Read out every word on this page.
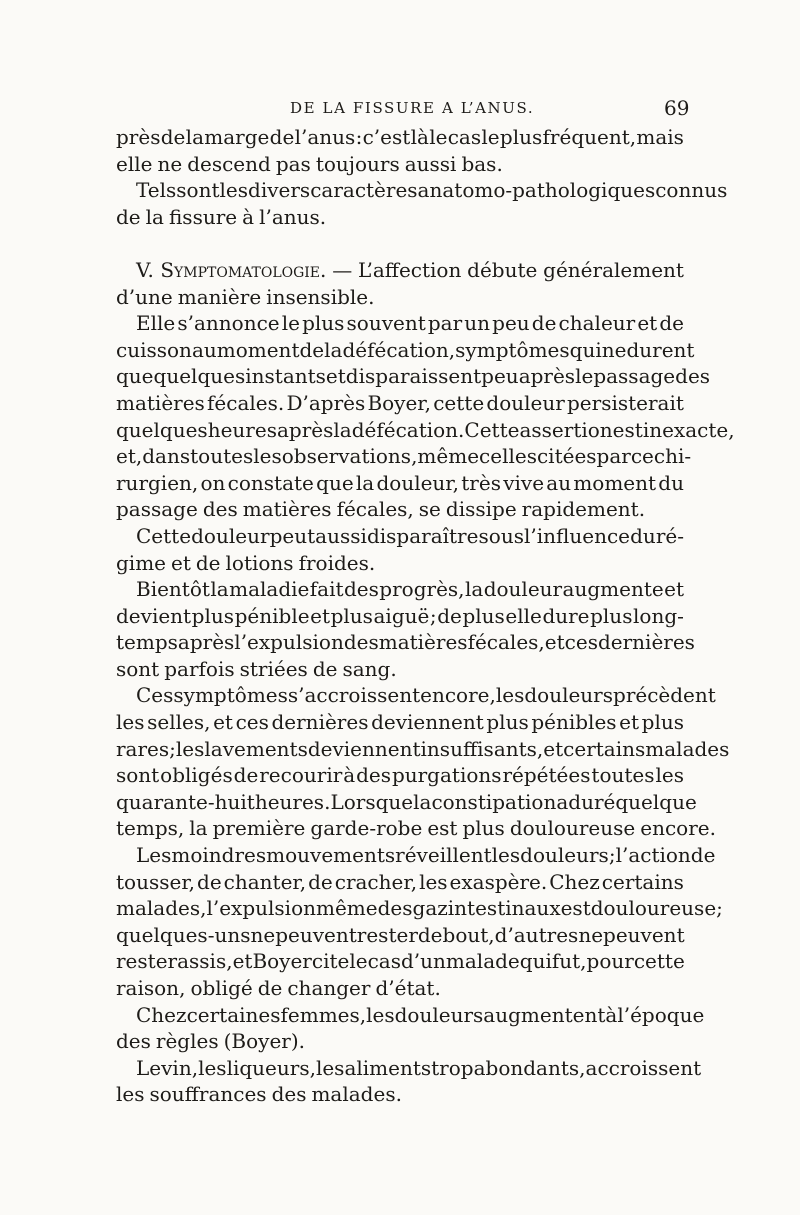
DE LA FISSURE A L’ANUS.	69
près de la marge de l’anus : c’est là le cas le plus fréquent, mais
elle ne descend pas toujours aussi bas.
Tels sont les divers caractères anatomo-pathologiques connus
de la fissure à l’anus.
V. Symptomatologie. — L’affection débute généralement
d’une manière insensible.
Elle s’annonce le plus souvent par un peu de chaleur et de
cuisson au moment de la défécation, symptômes qui ne durent
que quelques instants et disparaissent peu après le passage des
matières fécales. D’après Boyer, cette douleur persisterait
quelques heures après la défécation. Cette assertion est inexacte,
et, dans toutes les observations, même celles citées par ce chi-
rurgien, on constate que la douleur, très vive au moment du
passage des matières fécales, se dissipe rapidement.
Cette douleur peut aussi disparaître sous l’influence du ré-
gime et de lotions froides.
Bientôt la maladie fait des progrès, la douleur augmente et
devient plus pénible et plus aiguë ; de plus elle dure plus long-
temps après l’expulsion des matières fécales, et ces dernières
sont parfois striées de sang.
Ces symptômes s’accroissent encore, les douleurs précèdent
les selles, et ces dernières deviennent plus pénibles et plus
rares ; les lavements deviennent insuffisants, et certains malades
sont obligés de recourir à des purgations répétées toutes les
quarante-huit heures. Lorsque la constipation a duré quelque
temps, la première garde-robe est plus douloureuse encore.
Les moindres mouvements réveillent les douleurs ; l’action de
tousser, de chanter, de cracher, les exaspère. Chez certains
malades, l’expulsion même des gaz intestinaux est douloureuse ;
quelques-uns ne peuvent rester debout, d’autres ne peuvent
rester assis, et Boyer cite le cas d’un malade qui fut, pour cette
raison, obligé de changer d’état.
Chez certaines femmes, les douleurs augmentent à l’époque
des règles (Boyer).
Le vin, les liqueurs, les aliments trop abondants, accroissent
les souffrances des malades.
